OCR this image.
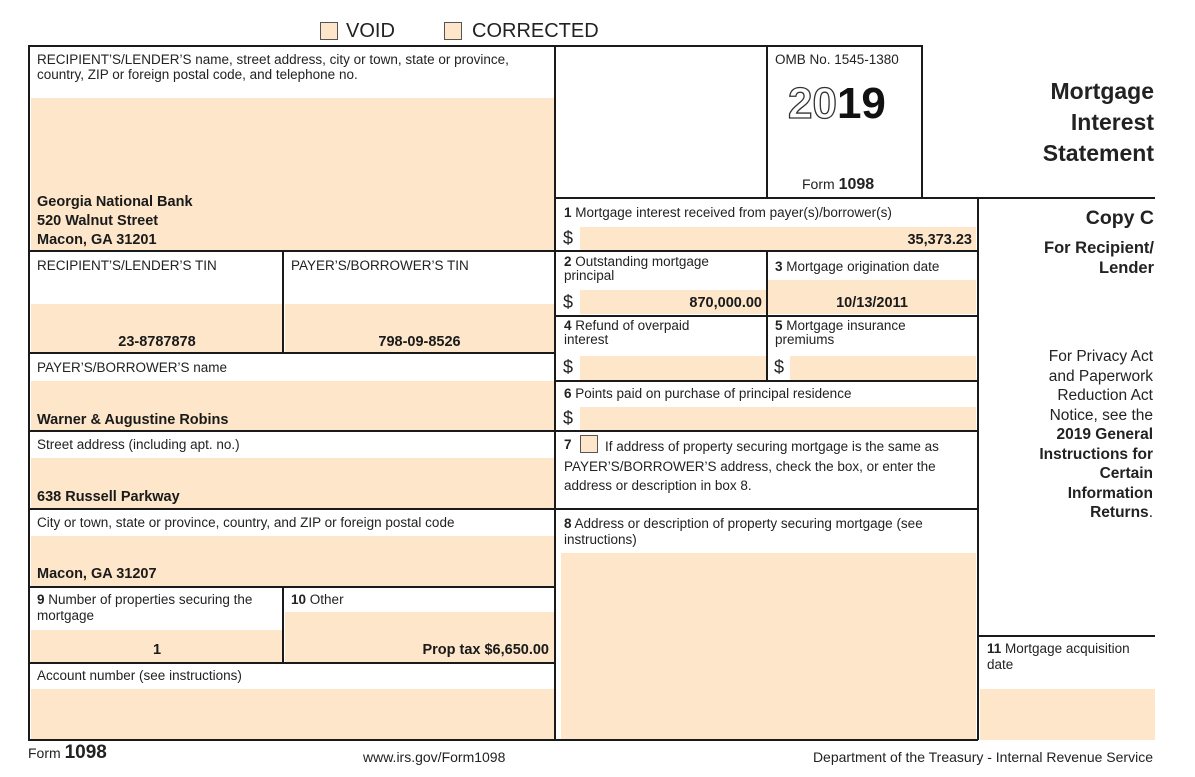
VOID	CORRECTED
RECIPIENT’S/LENDER’S name, street address, city or town, state or province, country, ZIP or foreign postal code, and telephone no.
Georgia National Bank
520 Walnut Street
Macon, GA 31201
OMB No. 1545-1380
2019
Form 1098
Mortgage
Interest
Statement
1 Mortgage interest received from payer(s)/borrower(s)
$	35,373.23
RECIPIENT’S/LENDER’S TIN
23-8787878
PAYER’S/BORROWER’S TIN
798-09-8526
2 Outstanding mortgage principal
$	870,000.00
3 Mortgage origination date
10/13/2011
4 Refund of overpaid interest
$
5 Mortgage insurance premiums
$
PAYER’S/BORROWER’S name
Warner & Augustine Robins
6 Points paid on purchase of principal residence
$
Street address (including apt. no.)
638 Russell Parkway
7	If address of property securing mortgage is the same as PAYER’S/BORROWER’S address, check the box, or enter the address or description in box 8.
City or town, state or province, country, and ZIP or foreign postal code
Macon, GA 31207
8 Address or description of property securing mortgage (see instructions)
9 Number of properties securing the mortgage
1
10 Other
Prop tax $6,650.00
Account number (see instructions)
Copy C
For Recipient/
Lender
For Privacy Act
and Paperwork
Reduction Act
Notice, see the
2019 General
Instructions for
Certain
Information
Returns.
11 Mortgage acquisition date
Form 1098	www.irs.gov/Form1098	Department of the Treasury - Internal Revenue Service
